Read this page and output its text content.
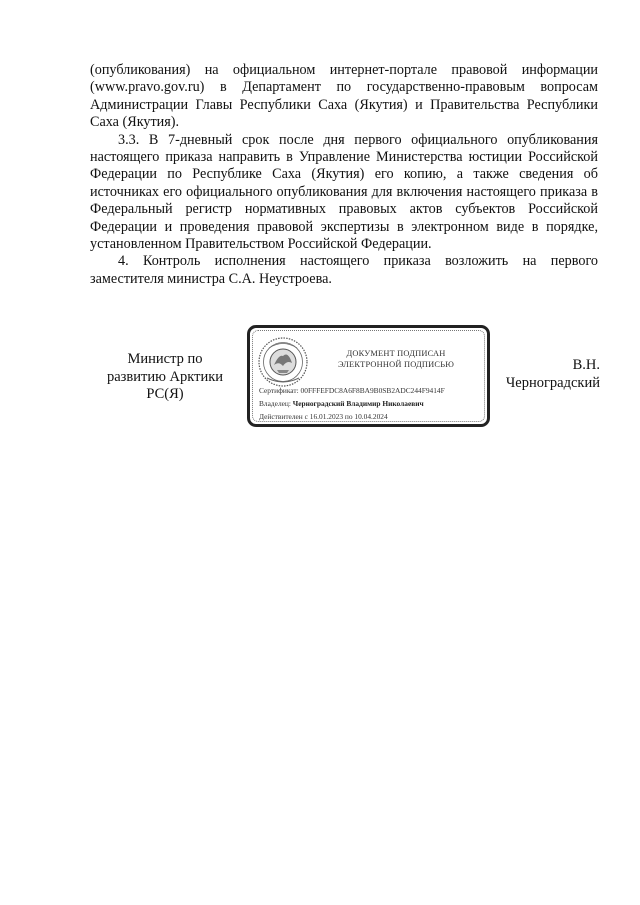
(опубликования) на официальном интернет-портале правовой информации (www.pravo.gov.ru) в Департамент по государственно-правовым вопросам Администрации Главы Республики Саха (Якутия) и Правительства Республики Саха (Якутия).

3.3. В 7-дневный срок после дня первого официального опубликования настоящего приказа направить в Управление Министерства юстиции Российской Федерации по Республике Саха (Якутия) его копию, а также сведения об источниках его официального опубликования для включения настоящего приказа в Федеральный регистр нормативных правовых актов субъектов Российской Федерации и проведения правовой экспертизы в электронном виде в порядке, установленном Правительством Российской Федерации.

4. Контроль исполнения настоящего приказа возложить на первого заместителя министра С.А. Неустроева.

Министр по
развитию Арктики
РС(Я)
ДОКУМЕНТ ПОДПИСАН
ЭЛЕКТРОННОЙ ПОДПИСЬЮ
Сертификат: 00FFFEFDC8A6F8BA9B0SB2ADC244F9414F
Владелец: Черноградский Владимир Николаевич
Действителен с 16.01.2023 по 10.04.2024
В.Н.
Черноградский
